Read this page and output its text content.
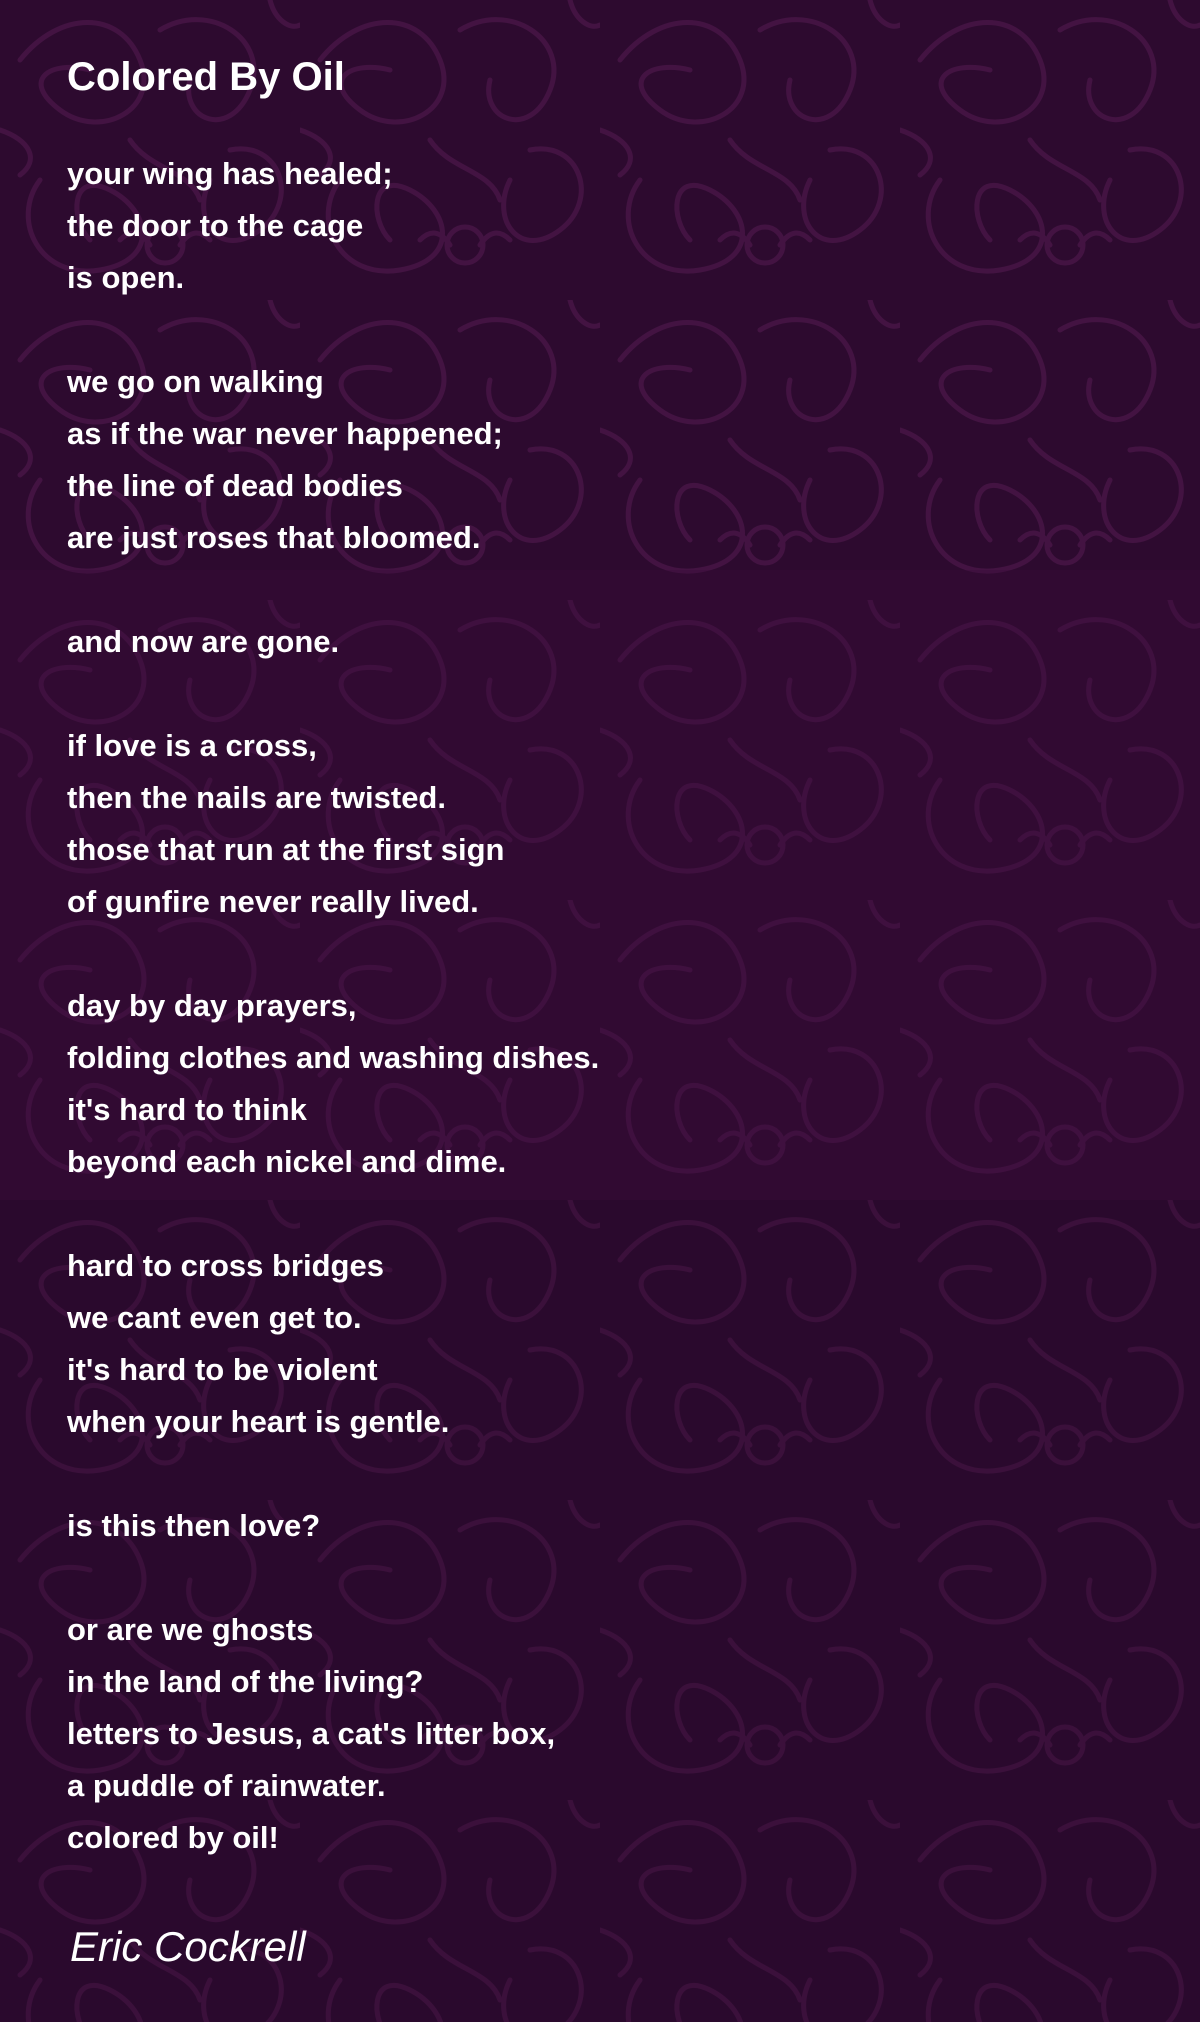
Colored By Oil
your wing has healed;
the door to the cage
is open.
we go on walking
as if the war never happened;
the line of dead bodies
are just roses that bloomed.
and now are gone.
if love is a cross,
then the nails are twisted.
those that run at the first sign
of gunfire never really lived.
day by day prayers,
folding clothes and washing dishes.
it's hard to think
beyond each nickel and dime.
hard to cross bridges
we cant even get to.
it's hard to be violent
when your heart is gentle.
is this then love?
or are we ghosts
in the land of the living?
letters to Jesus, a cat's litter box,
a puddle of rainwater.
colored by oil!

Eric Cockrell
